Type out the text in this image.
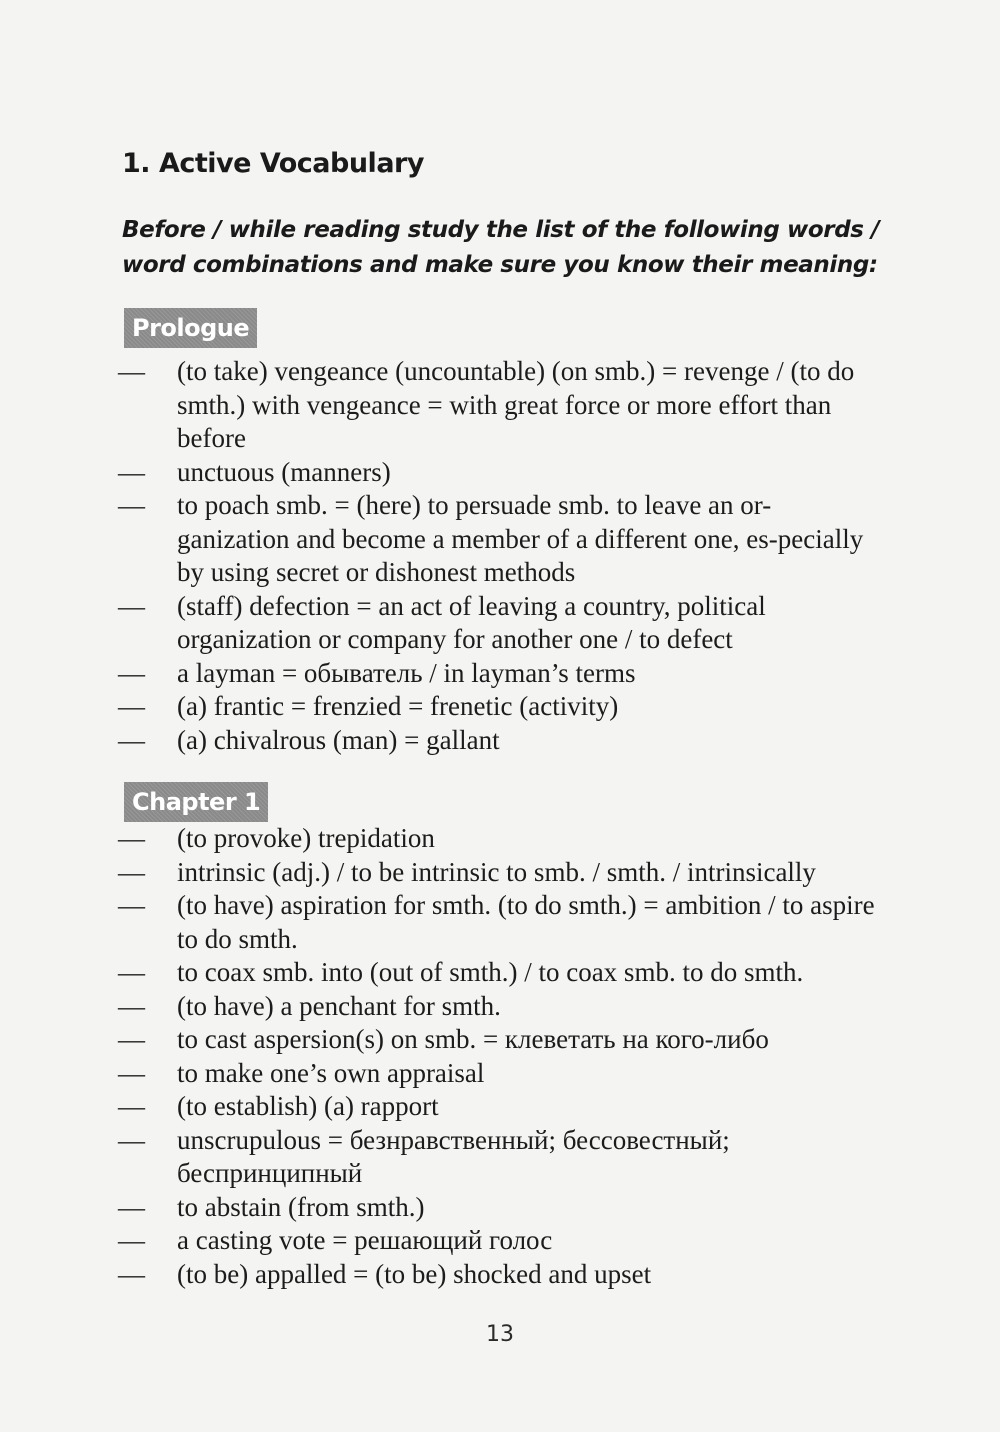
1. Active Vocabulary

Before / while reading study the list of the following words / word combinations and make sure you know their meaning:

Prologue
— (to take) vengeance (uncountable) (on smb.) = revenge / (to do smth.) with vengeance = with great force or more effort than before
— unctuous (manners)
— to poach smb. = (here) to persuade smb. to leave an or-ganization and become a member of a different one, es-pecially by using secret or dishonest methods
— (staff) defection = an act of leaving a country, political organization or company for another one / to defect
— a layman = обыватель / in layman’s terms
— (a) frantic = frenzied = frenetic (activity)
— (a) chivalrous (man) = gallant
Chapter 1
— (to provoke) trepidation
— intrinsic (adj.) / to be intrinsic to smb. / smth. / intrinsically
— (to have) aspiration for smth. (to do smth.) = ambition / to aspire to do smth.
— to coax smb. into (out of smth.) / to coax smb. to do smth.
— (to have) a penchant for smth.
— to cast aspersion(s) on smb. = клеветать на кого-либо
— to make one’s own appraisal
— (to establish) (a) rapport
— unscrupulous = безнравственный; бессовестный; беспринципный
— to abstain (from smth.)
— a casting vote = решающий голос
— (to be) appalled = (to be) shocked and upset
13
